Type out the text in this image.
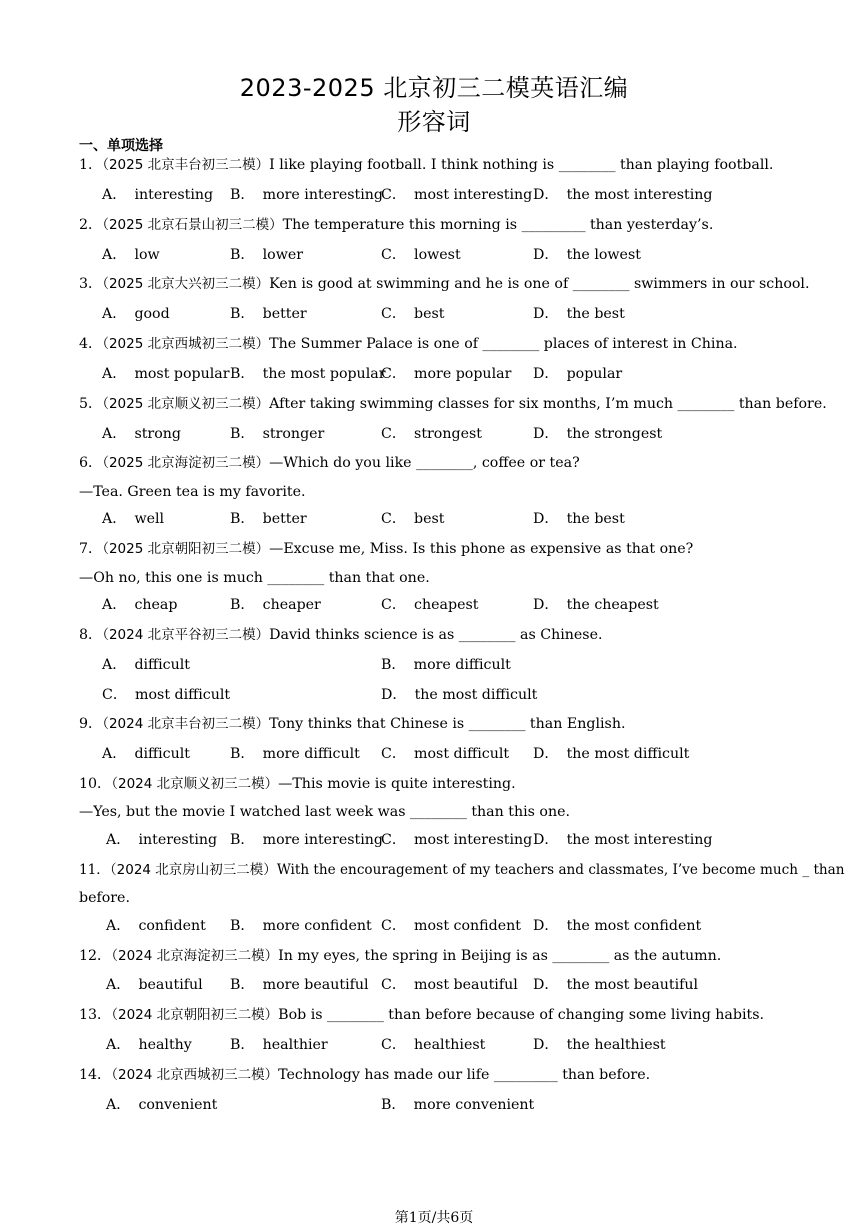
2023-2025 北京初三二模英语汇编
形容词
一、单项选择
1．（2025 北京丰台初三二模）I like playing football. I think nothing is ________ than playing football.
A． interesting B． more interesting
C． most interesting D． the most interesting
2．（2025 北京石景山初三二模）The temperature this morning is _________ than yesterday’s.
A． low	B． lower	C． lowest	D． the lowest
3．（2025 北京大兴初三二模）Ken is good at swimming and he is one of ________ swimmers in our school.
A． good	B． better	C． best	D． the best
4．（2025 北京西城初三二模）The Summer Palace is one of ________ places of interest in China.
A． most popular B． the most popular
C． more popular D． popular
5．（2025 北京顺义初三二模）After taking swimming classes for six months, I’m much ________ than before.
A． strong	B． stronger	C． strongest	D． the strongest
6．（2025 北京海淀初三二模）—Which do you like ________, coffee or tea?
—Tea. Green tea is my favorite.
A． well	B． better	C． best	D． the best
7．（2025 北京朝阳初三二模）—Excuse me, Miss. Is this phone as expensive as that one?
—Oh no, this one is much ________ than that one.
A． cheap	B． cheaper	C． cheapest	D． the cheapest
8．（2024 北京平谷初三二模）David thinks science is as ________ as Chinese.
A． difficult	B． more difficult
C． most difficult	D． the most difficult
9．（2024 北京丰台初三二模）Tony thinks that Chinese is ________ than English.
A． difficult	B． more difficult C． most difficult D． the most difficult
10．（2024 北京顺义初三二模）—This movie is quite interesting.
—Yes, but the movie I watched last week was ________ than this one.
A． interesting B． more interesting
C． most interesting D． the most interesting
11．（2024 北京房山初三二模）With the encouragement of my teachers and classmates, I’ve become much _ than
before.
A． confident B． more confident C． most confident D． the most confident
12．（2024 北京海淀初三二模）In my eyes, the spring in Beijing is as ________ as the autumn.
A． beautiful B． more beautiful C． most beautiful D． the most beautiful
13．（2024 北京朝阳初三二模）Bob is ________ than before because of changing some living habits.
A． healthy	B． healthier	C． healthiest	D． the healthiest
14．（2024 北京西城初三二模）Technology has made our life _________ than before.
A． convenient	B． more convenient
第1页/共6页
